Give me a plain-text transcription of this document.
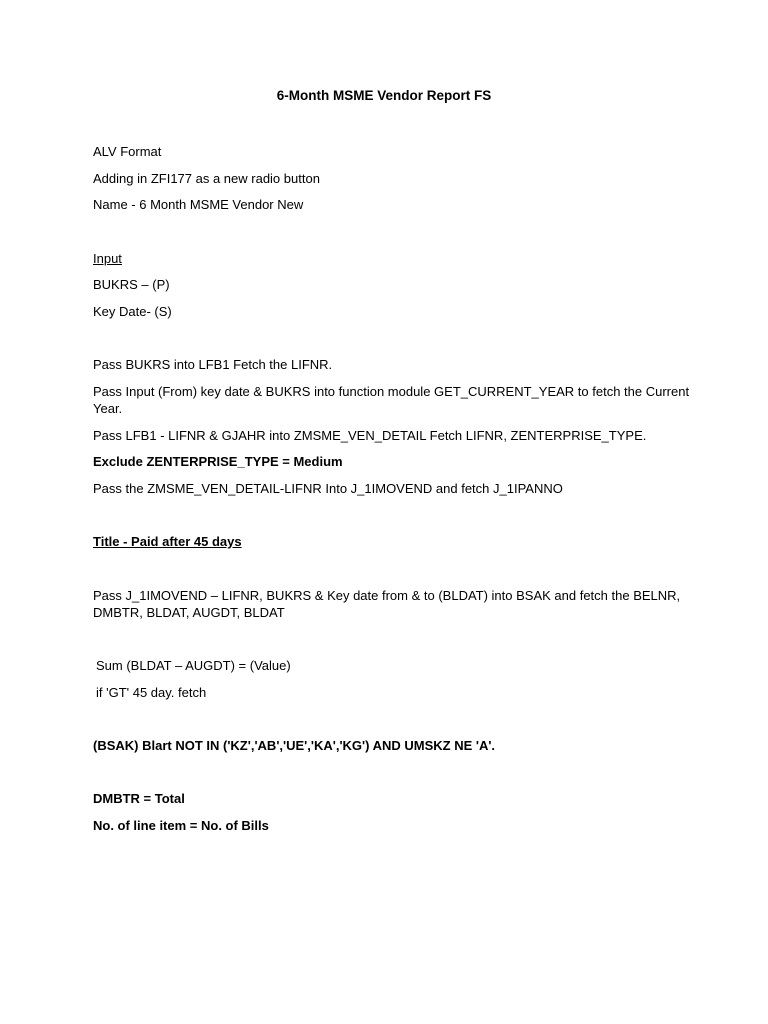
6-Month MSME Vendor Report FS
ALV Format
Adding in ZFI177 as a new radio button
Name - 6 Month MSME Vendor New
Input
BUKRS – (P)
Key Date- (S)
Pass BUKRS into LFB1 Fetch the LIFNR.
Pass Input (From) key date & BUKRS into function module GET_CURRENT_YEAR to fetch the Current
Year.
Pass LFB1 - LIFNR & GJAHR into ZMSME_VEN_DETAIL Fetch LIFNR, ZENTERPRISE_TYPE.
Exclude ZENTERPRISE_TYPE = Medium
Pass the ZMSME_VEN_DETAIL-LIFNR Into J_1IMOVEND and fetch J_1IPANNO
Title - Paid after 45 days
Pass J_1IMOVEND – LIFNR, BUKRS & Key date from & to (BLDAT) into BSAK and fetch the BELNR,
DMBTR, BLDAT, AUGDT, BLDAT
Sum (BLDAT – AUGDT) = (Value)
if 'GT' 45 day. fetch
(BSAK) Blart NOT IN ('KZ','AB','UE','KA','KG') AND UMSKZ NE 'A'.
DMBTR = Total
No. of line item = No. of Bills
